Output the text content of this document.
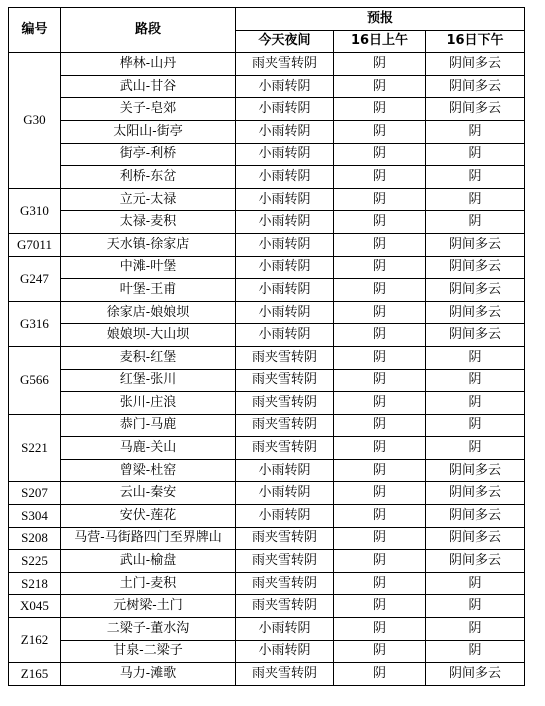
编号	路段	预报		
		今天夜间	16日上午	16日下午
G30	桦林-山丹	雨夹雪转阴	阴	阴间多云
	武山-甘谷	小雨转阴	阴	阴间多云
	关子-皂郊	小雨转阴	阴	阴间多云
	太阳山-街亭	小雨转阴	阴	阴
	街亭-利桥	小雨转阴	阴	阴
	利桥-东岔	小雨转阴	阴	阴
G310	立元-太禄	小雨转阴	阴	阴
	太禄-麦积	小雨转阴	阴	阴
G7011	天水镇-徐家店	小雨转阴	阴	阴间多云
G247	中滩-叶堡	小雨转阴	阴	阴间多云
	叶堡-王甫	小雨转阴	阴	阴间多云
G316	徐家店-娘娘坝	小雨转阴	阴	阴间多云
	娘娘坝-大山坝	小雨转阴	阴	阴间多云
G566	麦积-红堡	雨夹雪转阴	阴	阴
	红堡-张川	雨夹雪转阴	阴	阴
	张川-庄浪	雨夹雪转阴	阴	阴
S221	恭门-马鹿	雨夹雪转阴	阴	阴
	马鹿-关山	雨夹雪转阴	阴	阴
	曾梁-杜窑	小雨转阴	阴	阴间多云
S207	云山-秦安	小雨转阴	阴	阴间多云
S304	安伏-莲花	小雨转阴	阴	阴间多云
S208	马营-马街路四门至界牌山	雨夹雪转阴	阴	阴间多云
S225	武山-榆盘	雨夹雪转阴	阴	阴间多云
S218	土门-麦积	雨夹雪转阴	阴	阴
X045	元树梁-土门	雨夹雪转阴	阴	阴
Z162	二梁子-董水沟	小雨转阴	阴	阴
	甘泉-二梁子	小雨转阴	阴	阴
Z165	马力-滩歌	雨夹雪转阴	阴	阴间多云
